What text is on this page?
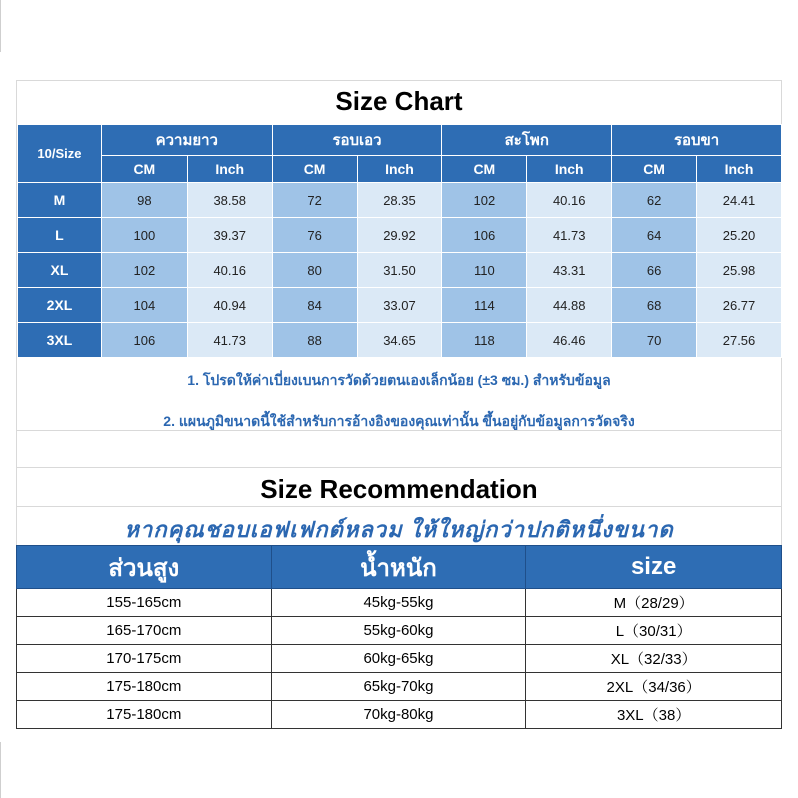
Size Chart
10/Size	ความยาว		รอบเอว		สะโพก		รอบขา	
	CM	Inch	CM	Inch	CM	Inch	CM	Inch
M	98	38.58	72	28.35	102	40.16	62	24.41
L	100	39.37	76	29.92	106	41.73	64	25.20
XL	102	40.16	80	31.50	110	43.31	66	25.98
2XL	104	40.94	84	33.07	114	44.88	68	26.77
3XL	106	41.73	88	34.65	118	46.46	70	27.56
1. โปรดให้ค่าเบี่ยงเบนการวัดด้วยตนเองเล็กน้อย (±3 ซม.) สำหรับข้อมูล
2. แผนภูมิขนาดนี้ใช้สำหรับการอ้างอิงของคุณเท่านั้น ขึ้นอยู่กับข้อมูลการวัดจริง
Size Recommendation
หากคุณชอบเอฟเฟกต์หลวม ให้ใหญ่กว่าปกติหนึ่งขนาด
ส่วนสูง	น้ำหนัก	size
155-165cm	45kg-55kg	M（28/29）
165-170cm	55kg-60kg	L（30/31）
170-175cm	60kg-65kg	XL（32/33）
175-180cm	65kg-70kg	2XL（34/36）
175-180cm	70kg-80kg	3XL（38）
